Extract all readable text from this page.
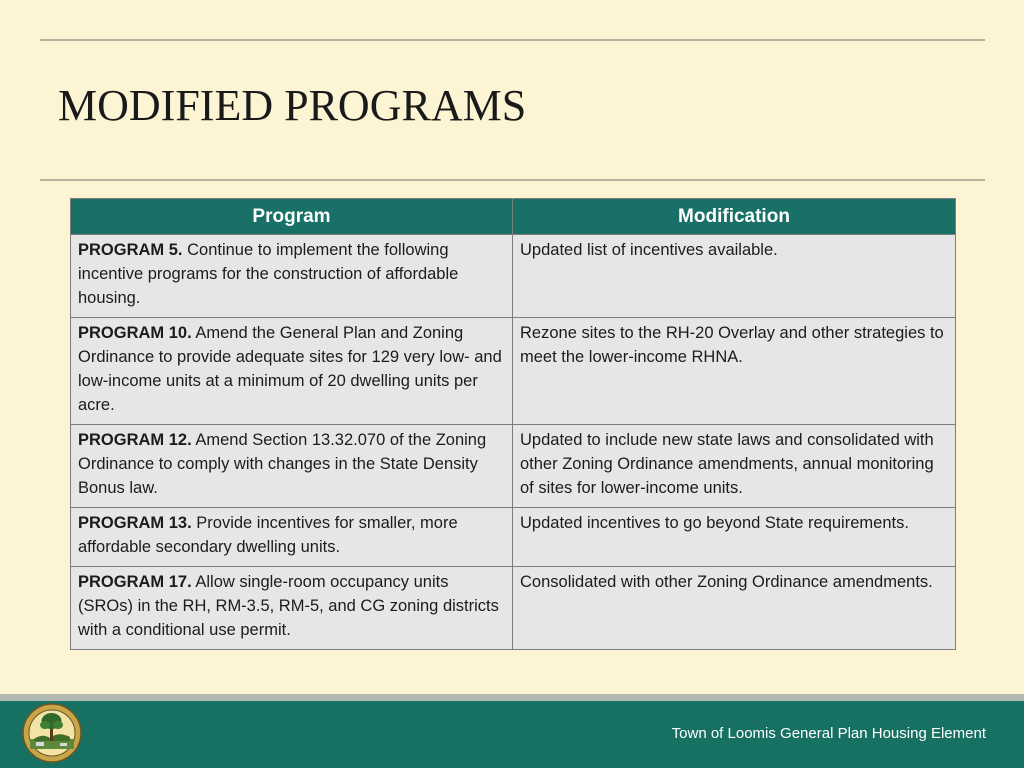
MODIFIED PROGRAMS
Program	Modification
PROGRAM 5. Continue to implement the following incentive programs for the construction of affordable housing.	Updated list of incentives available.
PROGRAM 10. Amend the General Plan and Zoning Ordinance to provide adequate sites for 129 very low- and low-income units at a minimum of 20 dwelling units per acre.	Rezone sites to the RH-20 Overlay and other strategies to meet the lower-income RHNA.
PROGRAM 12. Amend Section 13.32.070 of the Zoning Ordinance to comply with changes in the State Density Bonus law.	Updated to include new state laws and consolidated with other Zoning Ordinance amendments, annual monitoring of sites for lower-income units.
PROGRAM 13. Provide incentives for smaller, more affordable secondary dwelling units.	Updated incentives to go beyond State requirements.
PROGRAM 17. Allow single-room occupancy units (SROs) in the RH, RM-3.5, RM-5, and CG zoning districts with a conditional use permit.	Consolidated with other Zoning Ordinance amendments.
Town of Loomis General Plan Housing Element
